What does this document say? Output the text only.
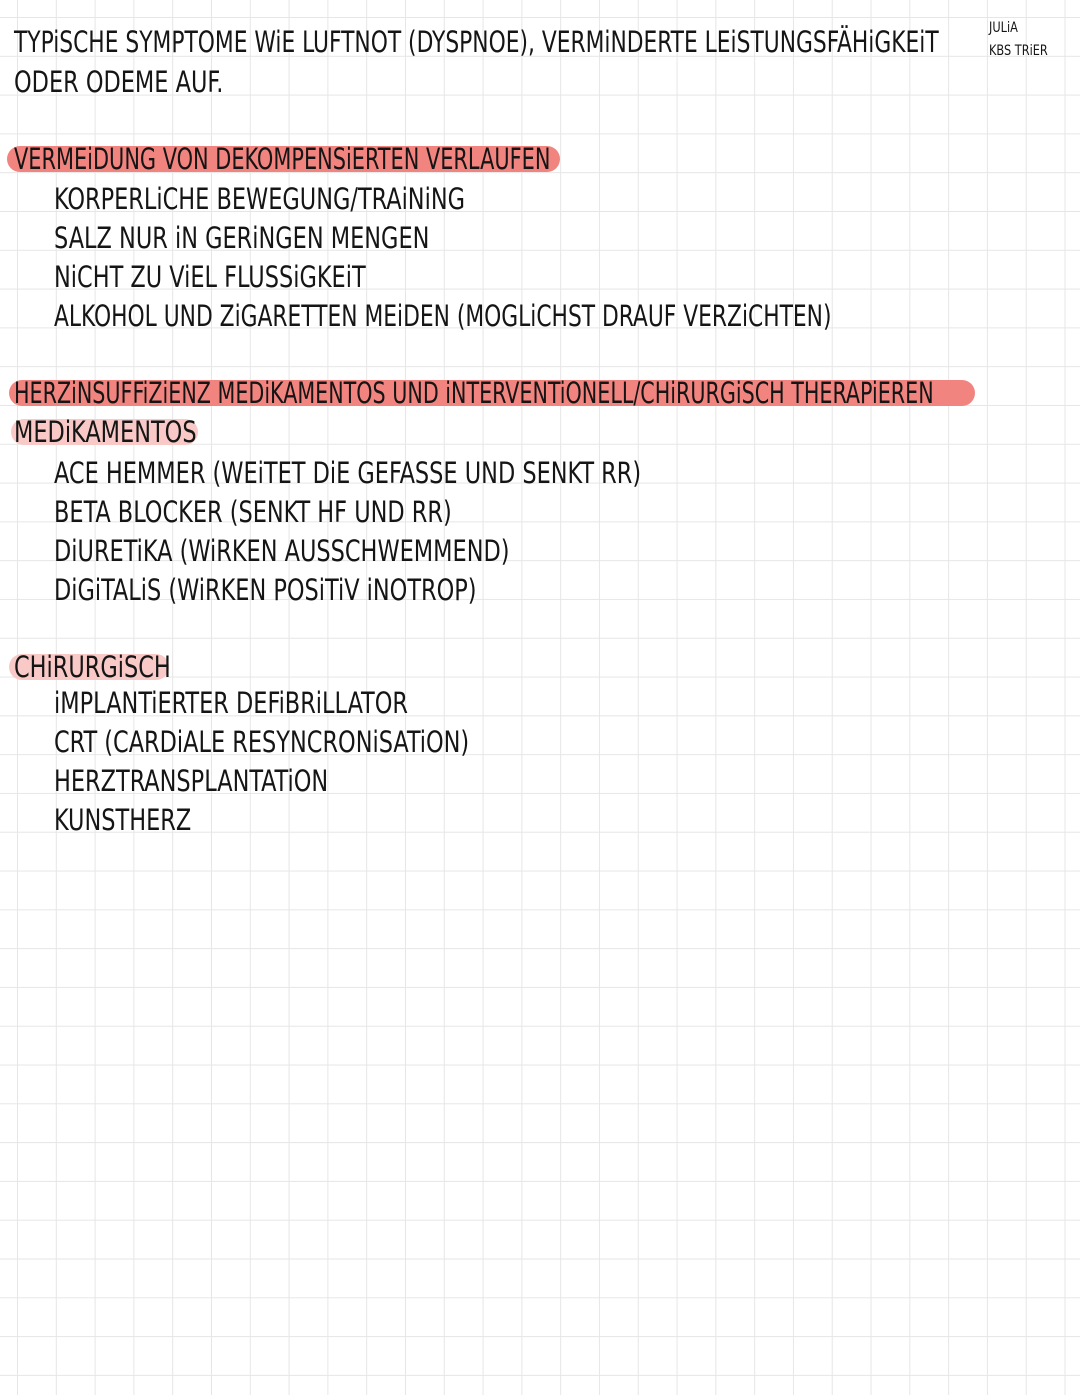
JULiA
KBS TRiER
TYPiSCHE SYMPTOME WiE LUFTNOT (DYSPNOE), VERMiNDERTE LEiSTUNGSFÄHiGKEiT
ODER ODEME AUF.
VERMEiDUNG VON DEKOMPENSiERTEN VERLAUFEN
KORPERLiCHE BEWEGUNG/TRAiNiNG
SALZ NUR iN GERiNGEN MENGEN
NiCHT ZU ViEL FLUSSiGKEiT
ALKOHOL UND ZiGARETTEN MEiDEN (MOGLiCHST DRAUF VERZiCHTEN)
HERZiNSUFFiZiENZ MEDiKAMENTOS UND iNTERVENTiONELL/CHiRURGiSCH THERAPiEREN
MEDiKAMENTOS
ACE HEMMER (WEiTET DiE GEFASSE UND SENKT RR)
BETA BLOCKER (SENKT HF UND RR)
DiURETiKA (WiRKEN AUSSCHWEMMEND)
DiGiTALiS (WiRKEN POSiTiV iNOTROP)
CHiRURGiSCH
iMPLANTiERTER DEFiBRiLLATOR
CRT (CARDiALE RESYNCRONiSATiON)
HERZTRANSPLANTATiON
KUNSTHERZ
